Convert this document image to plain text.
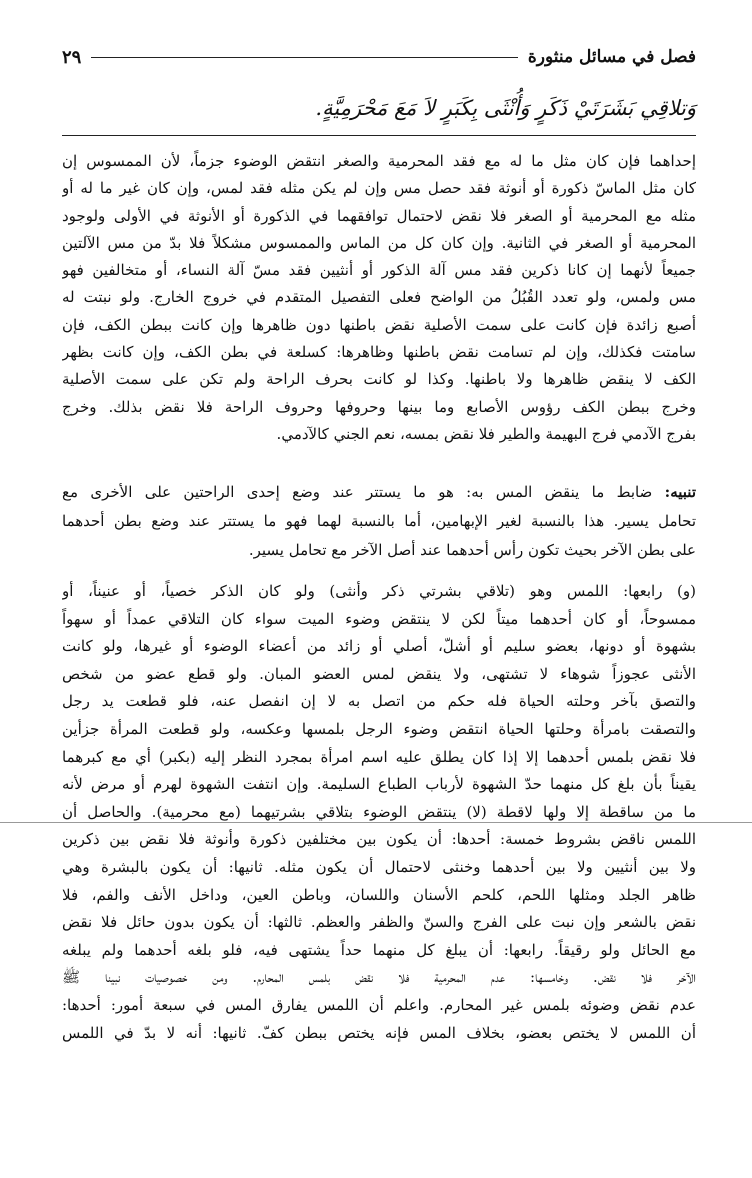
فصل في مسائل منثورة
٢٩
وَتلاقِي بَشَرَتَيْ ذَكَرٍ وَأُنْثَى بِكَبَرٍ لاَ مَعَ مَحْرَمِيَّةٍ.
إحداهما فإن كان مثل ما له مع فقد المحرمية والصغر انتقض الوضوء جزماً، لأن الممسوس إن
كان مثل الماسّ ذكورة أو أنوثة فقد حصل مس وإن لم يكن مثله فقد لمس، وإن كان غير ما له أو
مثله مع المحرمية أو الصغر فلا نقض لاحتمال توافقهما في الذكورة أو الأنوثة في الأولى ولوجود
المحرمية أو الصغر في الثانية. وإن كان كل من الماس والممسوس مشكلاً فلا بدّ من مس الآلتين
جميعاً لأنهما إن كانا ذكرين فقد مس آلة الذكور أو أنثيين فقد مسّ آلة النساء، أو متخالفين فهو
مس ولمس، ولو تعدد القُبُلُ من الواضح فعلى التفصيل المتقدم في خروج الخارج. ولو نبتت له
أصبع زائدة فإن كانت على سمت الأصلية نقض باطنها دون ظاهرها وإن كانت ببطن الكف، فإن
سامتت فكذلك، وإن لم تسامت نقض باطنها وظاهرها: كسلعة في بطن الكف، وإن كانت بظهر
الكف لا ينقض ظاهرها ولا باطنها. وكذا لو كانت بحرف الراحة ولم تكن على سمت الأصلية
وخرج ببطن الكف رؤوس الأصابع وما بينها وحروفها وحروف الراحة فلا نقض بذلك. وخرج
بفرج الآدمي فرج البهيمة والطير فلا نقض بمسه، نعم الجني كالآدمي.
تنبيه: ضابط ما ينقض المس به: هو ما يستتر عند وضع إحدى الراحتين على الأخرى مع
تحامل يسير. هذا بالنسبة لغير الإبهامين، أما بالنسبة لهما فهو ما يستتر عند وضع بطن أحدهما
على بطن الآخر بحيث تكون رأس أحدهما عند أصل الآخر مع تحامل يسير.
(و) رابعها: اللمس وهو (تلاقي بشرتي ذكر وأنثى) ولو كان الذكر خصياً، أو عنيناً، أو
ممسوحاً، أو كان أحدهما ميتاً لكن لا ينتقض وضوء الميت سواء كان التلاقي عمداً أو سهواً
بشهوة أو دونها، بعضو سليم أو أشلّ، أصلي أو زائد من أعضاء الوضوء أو غيرها، ولو كانت
الأنثى عجوزاً شوهاء لا تشتهى، ولا ينقض لمس العضو المبان. ولو قطع عضو من شخص
والتصق بآخر وحلته الحياة فله حكم من اتصل به لا إن انفصل عنه، فلو قطعت يد رجل
والتصقت بامرأة وحلتها الحياة انتقض وضوء الرجل بلمسها وعكسه، ولو قطعت المرأة جزأين
فلا نقض بلمس أحدهما إلا إذا كان يطلق عليه اسم امرأة بمجرد النظر إليه (بكبر) أي مع كبرهما
يقيناً بأن بلغ كل منهما حدّ الشهوة لأرباب الطباع السليمة. وإن انتفت الشهوة لهرم أو مرض لأنه
ما من ساقطة إلا ولها لاقطة (لا) ينتقض الوضوء بتلاقي بشرتيهما (مع محرمية). والحاصل أن
اللمس ناقض بشروط خمسة: أحدها: أن يكون بين مختلفين ذكورة وأنوثة فلا نقض بين ذكرين
ولا بين أنثيين ولا بين أحدهما وخنثى لاحتمال أن يكون مثله. ثانيها: أن يكون بالبشرة وهي
ظاهر الجلد ومثلها اللحم، كلحم الأسنان واللسان، وباطن العين، وداخل الأنف والفم، فلا
نقض بالشعر وإن نبت على الفرج والسنّ والظفر والعظم. ثالثها: أن يكون بدون حائل فلا نقض
مع الحائل ولو رقيقاً. رابعها: أن يبلغ كل منهما حداً يشتهى فيه، فلو بلغه أحدهما ولم يبلغه
الآخر فلا نقض. وخامسها: عدم المحرمية فلا نقض بلمس المحارم. ومن خصوصيات نبينا ﷺ
عدم نقض وضوئه بلمس غير المحارم. واعلم أن اللمس يفارق المس في سبعة أمور: أحدها:
أن اللمس لا يختص بعضو، بخلاف المس فإنه يختص ببطن كفّ. ثانيها: أنه لا بدّ في اللمس
